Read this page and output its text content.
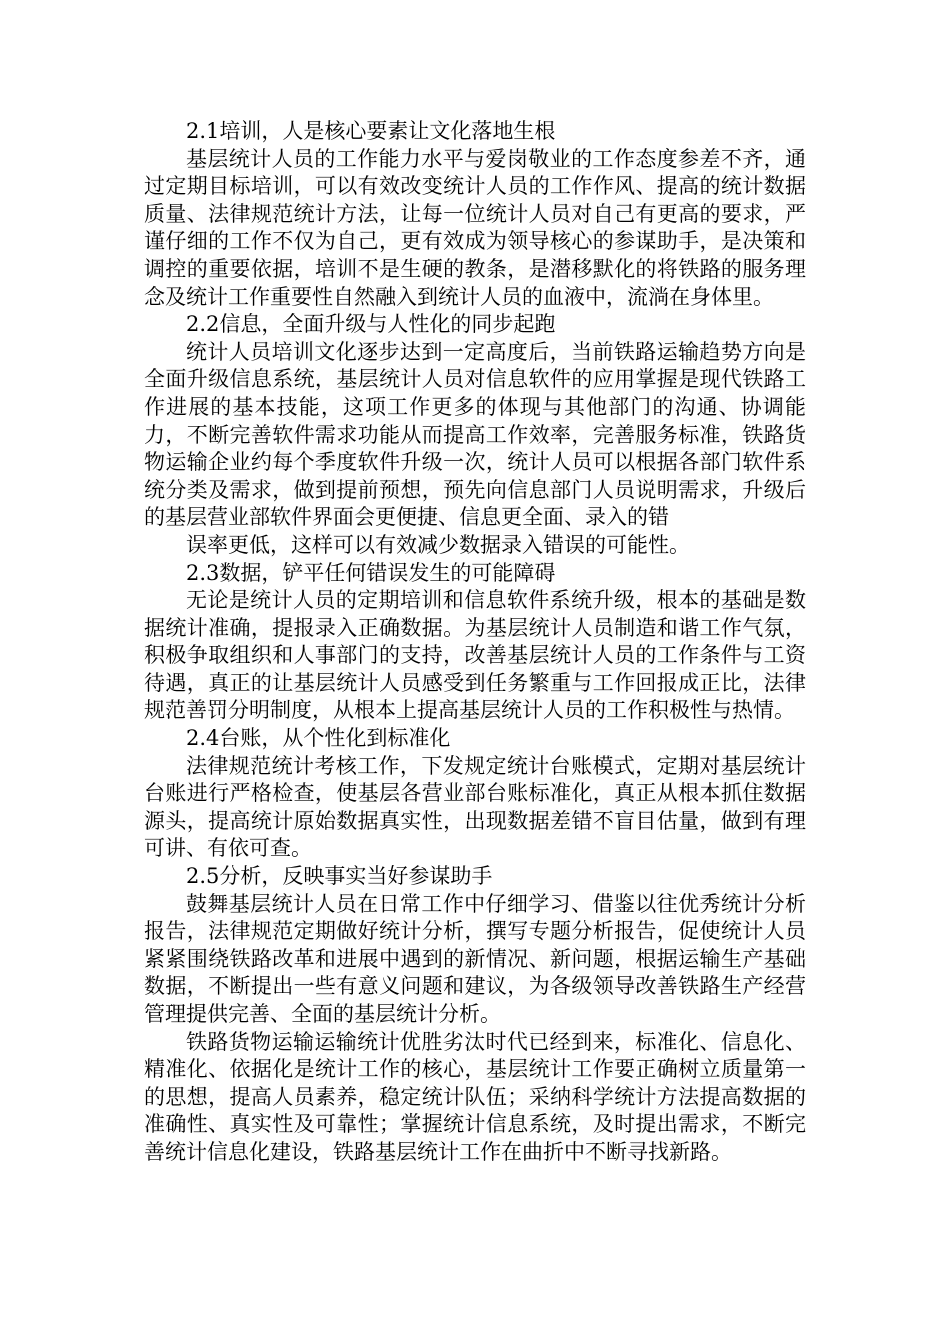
2.1培训，人是核心要素让文化落地生根

基层统计人员的工作能力水平与爱岗敬业的工作态度参差不齐，通过定期目标培训，可以有效改变统计人员的工作作风、提高的统计数据质量、法律规范统计方法，让每一位统计人员对自己有更高的要求，严谨仔细的工作不仅为自己，更有效成为领导核心的参谋助手，是决策和调控的重要依据，培训不是生硬的教条，是潜移默化的将铁路的服务理念及统计工作重要性自然融入到统计人员的血液中，流淌在身体里。

2.2信息，全面升级与人性化的同步起跑

统计人员培训文化逐步达到一定高度后，当前铁路运输趋势方向是全面升级信息系统，基层统计人员对信息软件的应用掌握是现代铁路工作进展的基本技能，这项工作更多的体现与其他部门的沟通、协调能力，不断完善软件需求功能从而提高工作效率，完善服务标准，铁路货物运输企业约每个季度软件升级一次，统计人员可以根据各部门软件系统分类及需求，做到提前预想，预先向信息部门人员说明需求，升级后的基层营业部软件界面会更便捷、信息更全面、录入的错

误率更低，这样可以有效减少数据录入错误的可能性。

2.3数据，铲平任何错误发生的可能障碍

无论是统计人员的定期培训和信息软件系统升级，根本的基础是数据统计准确，提报录入正确数据。为基层统计人员制造和谐工作气氛，积极争取组织和人事部门的支持，改善基层统计人员的工作条件与工资待遇，真正的让基层统计人员感受到任务繁重与工作回报成正比，法律规范善罚分明制度，从根本上提高基层统计人员的工作积极性与热情。

2.4台账，从个性化到标准化

法律规范统计考核工作，下发规定统计台账模式，定期对基层统计台账进行严格检查，使基层各营业部台账标准化，真正从根本抓住数据源头，提高统计原始数据真实性，出现数据差错不盲目估量，做到有理可讲、有依可查。

2.5分析，反映事实当好参谋助手

鼓舞基层统计人员在日常工作中仔细学习、借鉴以往优秀统计分析报告，法律规范定期做好统计分析，撰写专题分析报告，促使统计人员紧紧围绕铁路改革和进展中遇到的新情况、新问题，根据运输生产基础数据，不断提出一些有意义问题和建议，为各级领导改善铁路生产经营管理提供完善、全面的基层统计分析。

铁路货物运输运输统计优胜劣汰时代已经到来，标准化、信息化、精准化、依据化是统计工作的核心，基层统计工作要正确树立质量第一的思想，提高人员素养，稳定统计队伍；采纳科学统计方法提高数据的准确性、真实性及可靠性；掌握统计信息系统，及时提出需求，不断完善统计信息化建设，铁路基层统计工作在曲折中不断寻找新路。
